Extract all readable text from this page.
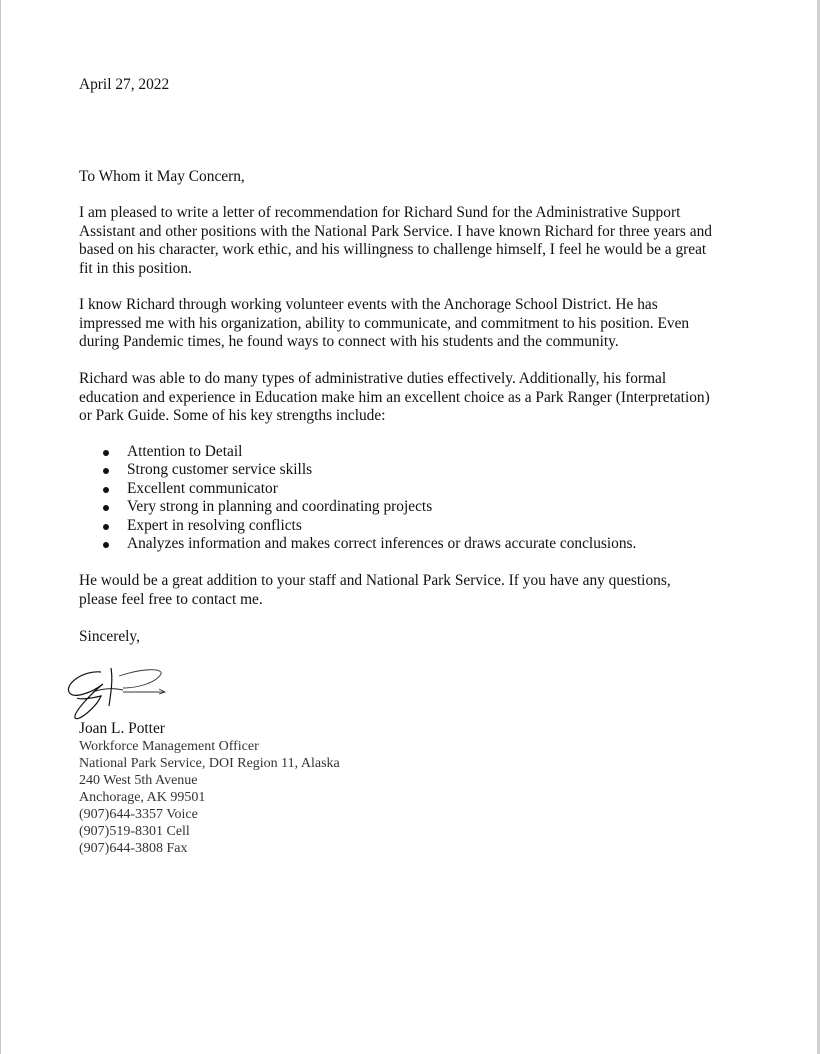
April 27, 2022
To Whom it May Concern,
I am pleased to write a letter of recommendation for Richard Sund for the Administrative Support
Assistant and other positions with the National Park Service. I have known Richard for three years and
based on his character, work ethic, and his willingness to challenge himself, I feel he would be a great
fit in this position.
I know Richard through working volunteer events with the Anchorage School District. He has
impressed me with his organization, ability to communicate, and commitment to his position. Even
during Pandemic times, he found ways to connect with his students and the community.
Richard was able to do many types of administrative duties effectively. Additionally, his formal
education and experience in Education make him an excellent choice as a Park Ranger (Interpretation)
or Park Guide. Some of his key strengths include:
Attention to Detail
Strong customer service skills
Excellent communicator
Very strong in planning and coordinating projects
Expert in resolving conflicts
Analyzes information and makes correct inferences or draws accurate conclusions.
He would be a great addition to your staff and National Park Service. If you have any questions,
please feel free to contact me.
Sincerely,
Joan L. Potter
Workforce Management Officer
National Park Service, DOI Region 11, Alaska
240 West 5th Avenue
Anchorage, AK 99501
(907)644-3357 Voice
(907)519-8301 Cell
(907)644-3808 Fax
